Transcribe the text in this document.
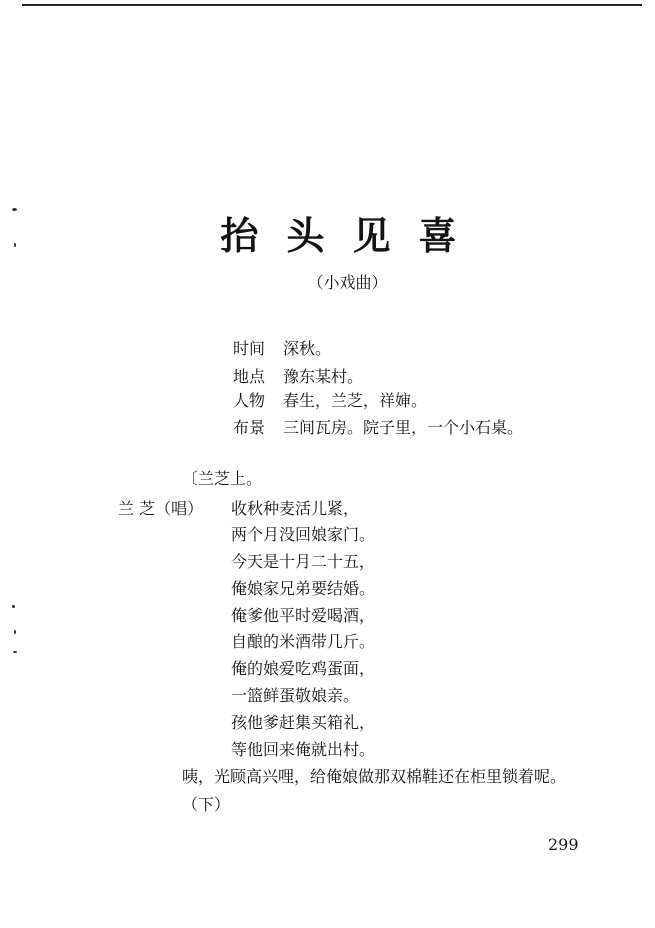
抬头见喜
（小戏曲）
时间 深秋。
地点 豫东某村。
人物 春生，兰芝，祥婶。
布景 三间瓦房。院子里，一个小石桌。
〔兰芝上。
兰 芝（唱） 收秋种麦活儿紧，
两个月没回娘家门。
今天是十月二十五，
俺娘家兄弟要结婚。
俺爹他平时爱喝酒，
自酿的米酒带几斤。
俺的娘爱吃鸡蛋面，
一篮鲜蛋敬娘亲。
孩他爹赶集买箱礼，
等他回来俺就出村。
咦，光顾高兴哩，给俺娘做那双棉鞋还在柜里锁着呢。
（下）
299
